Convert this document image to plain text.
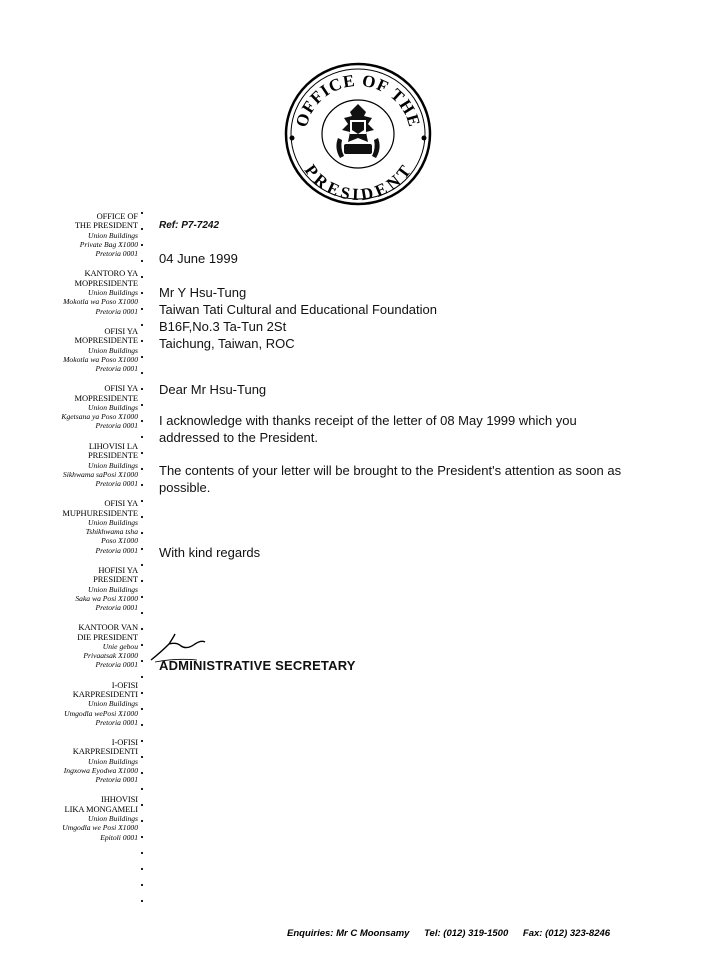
OFFICE OF THE
PRESIDENT
OFFICE OF
THE PRESIDENT
Union Buildings
Private Bag X1000
Pretoria 0001
KANTORO YA
MOPRESIDENTE
Union Buildings
Mokotla wa Poso X1000
Pretoria 0001
OFISI YA
MOPRESIDENTE
Union Buildings
Mokotla wa Poso X1000
Pretoria 0001
OFISI YA
MOPRESIDENTE
Union Buildings
Kgetsana ya Poso X1000
Pretoria 0001
LIHOVISI LA
PRESIDENTE
Union Buildings
Sikhwama saPosi X1000
Pretoria 0001
OFISI YA
MUPHURESIDENTE
Union Buildings
Tshikhwama tsha
Poso X1000
Pretoria 0001
HOFISI YA
PRESIDENT
Union Buildings
Saka wa Posi X1000
Pretoria 0001
KANTOOR VAN
DIE PRESIDENT
Unie gebou
Privaatsak X1000
Pretoria 0001
I-OFISI
KARPRESIDENTI
Union Buildings
Umgodla wePosi X1000
Pretoria 0001
I-OFISI
KARPRESIDENTI
Union Buildings
Ingxowa Eyodwa X1000
Pretoria 0001
IHHOVISI
LIKA MONGAMELI
Union Buildings
Umgodla we Posi X1000
Epitoli 0001
Ref: P7-7242
04 June 1999
Mr Y Hsu-Tung
Taiwan Tati Cultural and Educational Foundation
B16F,No.3 Ta-Tun 2St
Taichung, Taiwan, ROC
Dear Mr Hsu-Tung
I acknowledge with thanks receipt of the letter of 08 May 1999 which you addressed to the President.
The contents of your letter will be brought to the President's attention as soon as possible.
With kind regards
ADMINISTRATIVE SECRETARY
Enquiries: Mr C Moonsamy Tel: (012) 319-1500 Fax: (012) 323-8246
